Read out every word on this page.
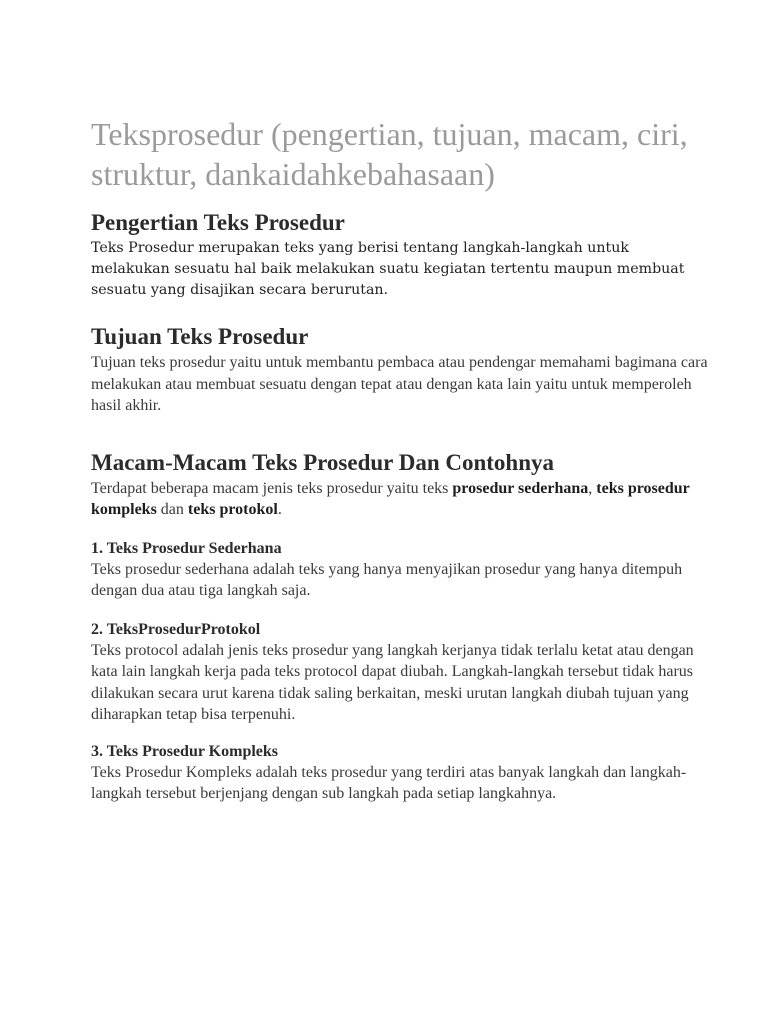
Teksprosedur (pengertian, tujuan, macam, ciri, struktur, dankaidahkebahasaan)
Pengertian Teks Prosedur

Teks Prosedur merupakan teks yang berisi tentang langkah-langkah untuk melakukan sesuatu hal baik melakukan suatu kegiatan tertentu maupun membuat sesuatu yang disajikan secara berurutan.

Tujuan Teks Prosedur

Tujuan teks prosedur yaitu untuk membantu pembaca atau pendengar memahami bagimana cara melakukan atau membuat sesuatu dengan tepat atau dengan kata lain yaitu untuk memperoleh hasil akhir.

Macam-Macam Teks Prosedur Dan Contohnya

Terdapat beberapa macam jenis teks prosedur yaitu teks prosedur sederhana, teks prosedur kompleks dan teks protokol.

1. Teks Prosedur Sederhana

Teks prosedur sederhana adalah teks yang hanya menyajikan prosedur yang hanya ditempuh dengan dua atau tiga langkah saja.

2. TeksProsedurProtokol

Teks protocol adalah jenis teks prosedur yang langkah kerjanya tidak terlalu ketat atau dengan kata lain langkah kerja pada teks protocol dapat diubah. Langkah-langkah tersebut tidak harus dilakukan secara urut karena tidak saling berkaitan, meski urutan langkah diubah tujuan yang diharapkan tetap bisa terpenuhi.

3. Teks Prosedur Kompleks

Teks Prosedur Kompleks adalah teks prosedur yang terdiri atas banyak langkah dan langkah-langkah tersebut berjenjang dengan sub langkah pada setiap langkahnya.
